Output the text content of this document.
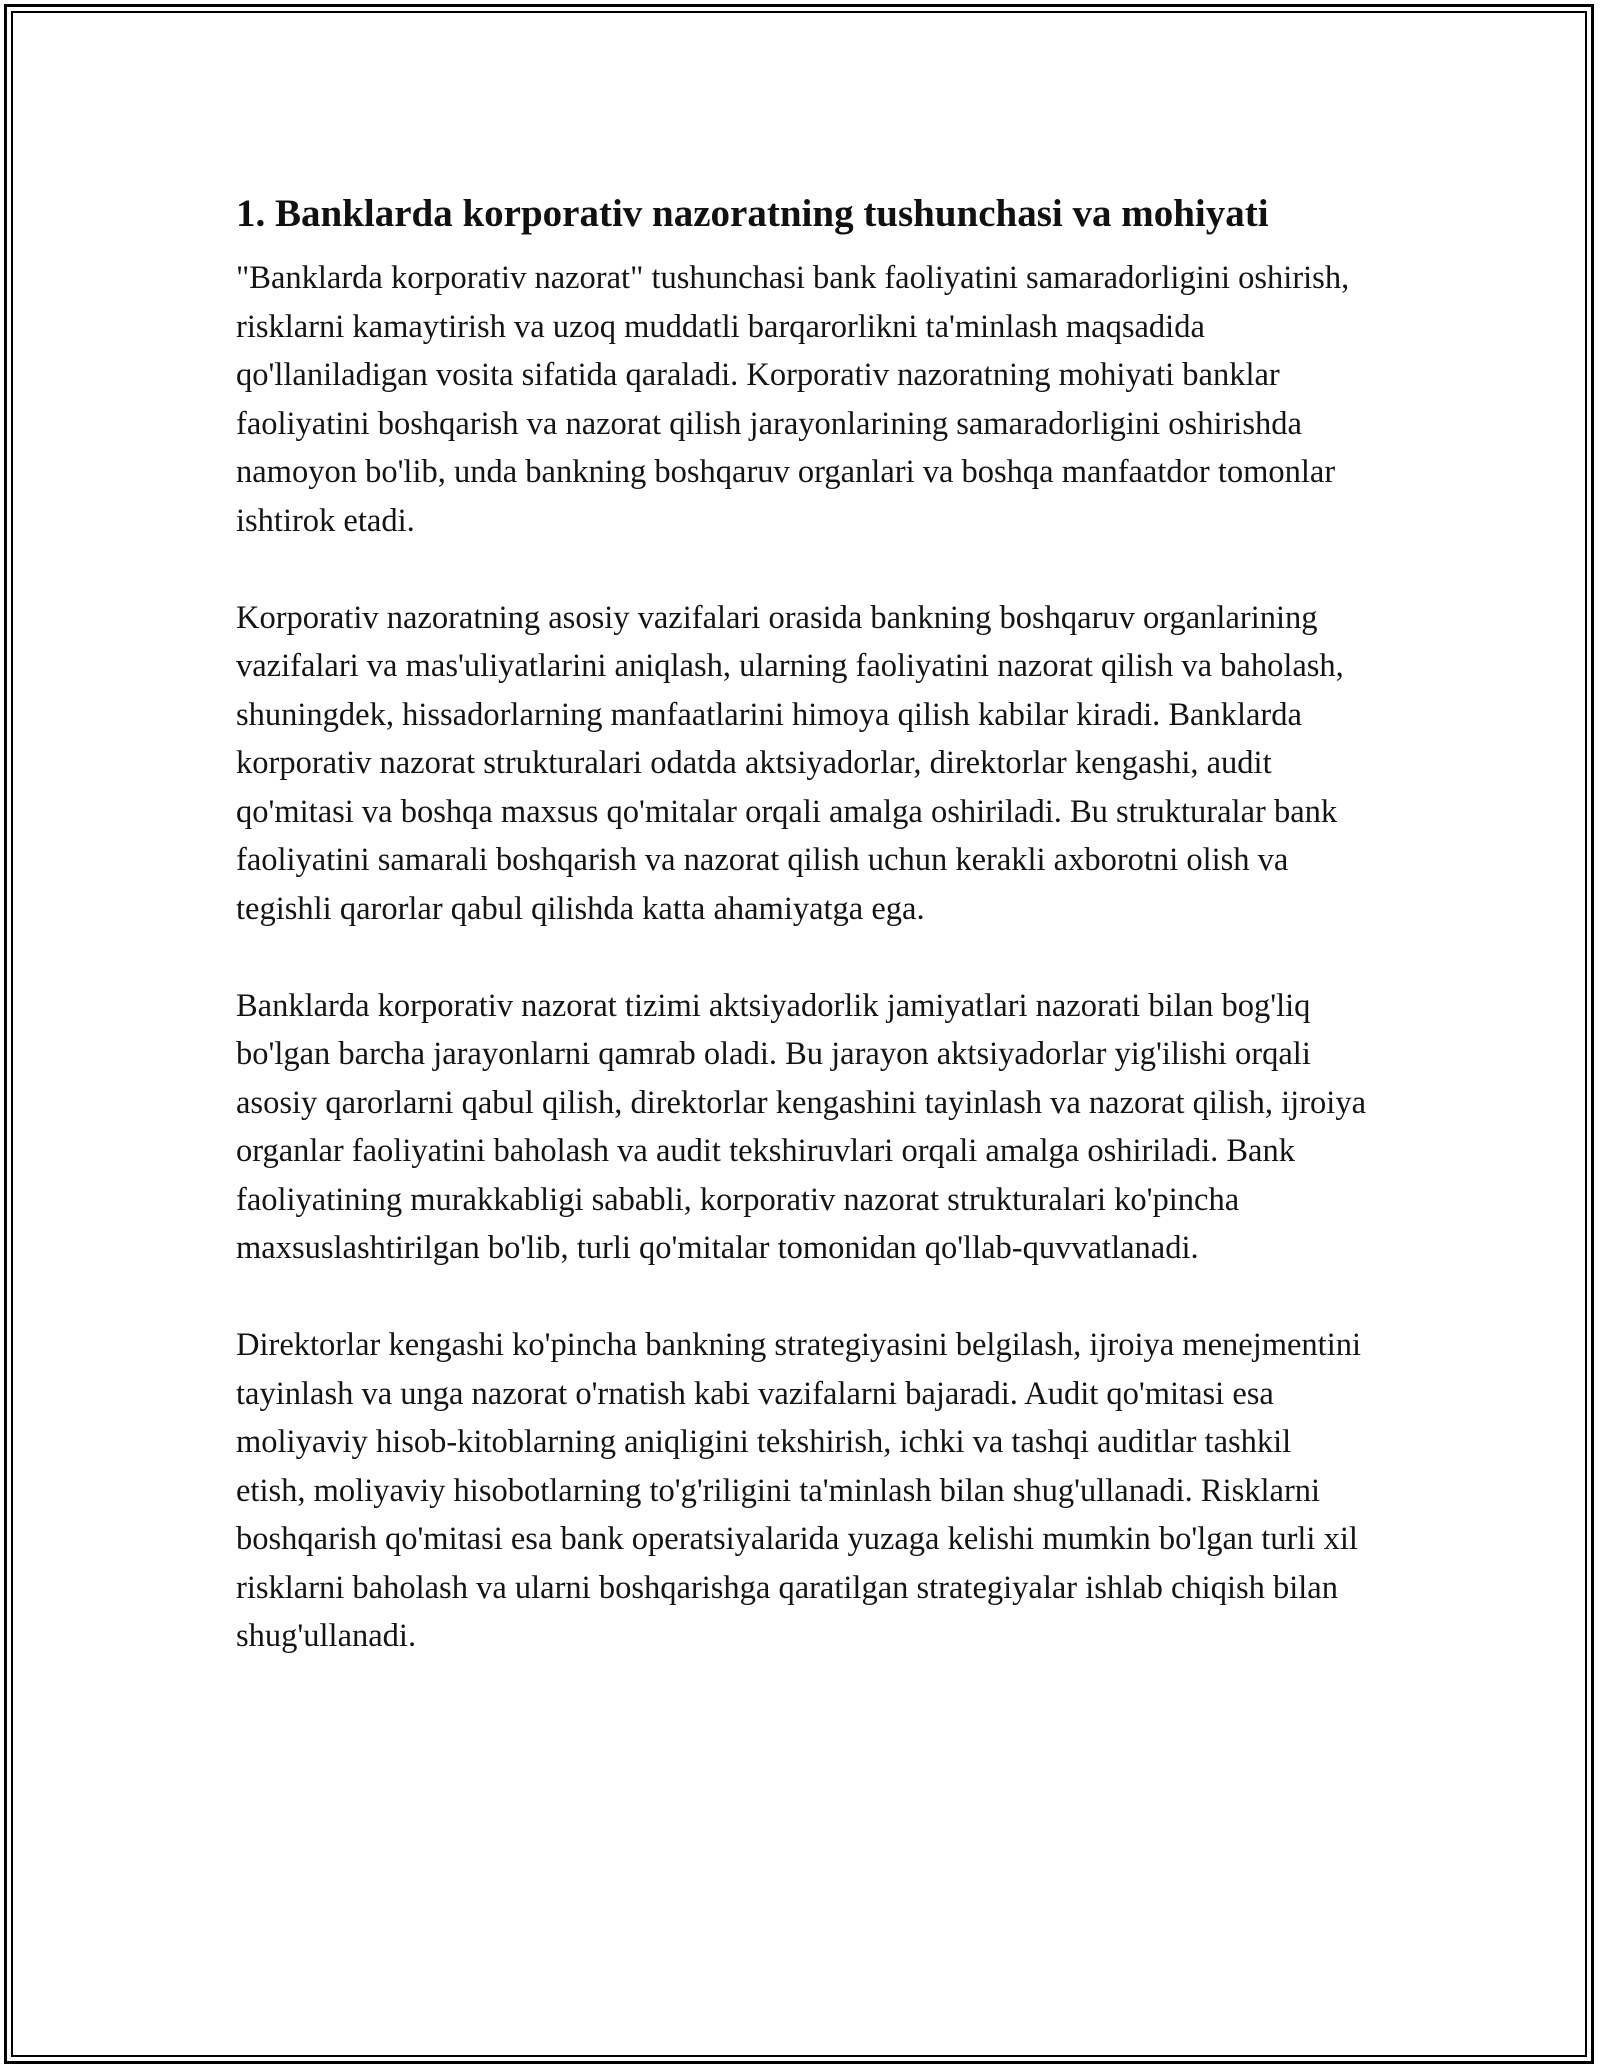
1. Banklarda korporativ nazoratning tushunchasi va mohiyati

"Banklarda korporativ nazorat" tushunchasi bank faoliyatini samaradorligini oshirish, risklarni kamaytirish va uzoq muddatli barqarorlikni ta'minlash maqsadida qo'llaniladigan vosita sifatida qaraladi. Korporativ nazoratning mohiyati banklar faoliyatini boshqarish va nazorat qilish jarayonlarining samaradorligini oshirishda namoyon bo'lib, unda bankning boshqaruv organlari va boshqa manfaatdor tomonlar ishtirok etadi.

Korporativ nazoratning asosiy vazifalari orasida bankning boshqaruv organlarining vazifalari va mas'uliyatlarini aniqlash, ularning faoliyatini nazorat qilish va baholash, shuningdek, hissadorlarning manfaatlarini himoya qilish kabilar kiradi. Banklarda korporativ nazorat strukturalari odatda aktsiyadorlar, direktorlar kengashi, audit qo'mitasi va boshqa maxsus qo'mitalar orqali amalga oshiriladi. Bu strukturalar bank faoliyatini samarali boshqarish va nazorat qilish uchun kerakli axborotni olish va tegishli qarorlar qabul qilishda katta ahamiyatga ega.

Banklarda korporativ nazorat tizimi aktsiyadorlik jamiyatlari nazorati bilan bog'liq bo'lgan barcha jarayonlarni qamrab oladi. Bu jarayon aktsiyadorlar yig'ilishi orqali asosiy qarorlarni qabul qilish, direktorlar kengashini tayinlash va nazorat qilish, ijroiya organlar faoliyatini baholash va audit tekshiruvlari orqali amalga oshiriladi. Bank faoliyatining murakkabligi sababli, korporativ nazorat strukturalari ko'pincha maxsuslashtirilgan bo'lib, turli qo'mitalar tomonidan qo'llab-quvvatlanadi.

Direktorlar kengashi ko'pincha bankning strategiyasini belgilash, ijroiya menejmentini tayinlash va unga nazorat o'rnatish kabi vazifalarni bajaradi. Audit qo'mitasi esa moliyaviy hisob-kitoblarning aniqligini tekshirish, ichki va tashqi auditlar tashkil etish, moliyaviy hisobotlarning to'g'riligini ta'minlash bilan shug'ullanadi. Risklarni boshqarish qo'mitasi esa bank operatsiyalarida yuzaga kelishi mumkin bo'lgan turli xil risklarni baholash va ularni boshqarishga qaratilgan strategiyalar ishlab chiqish bilan shug'ullanadi.
